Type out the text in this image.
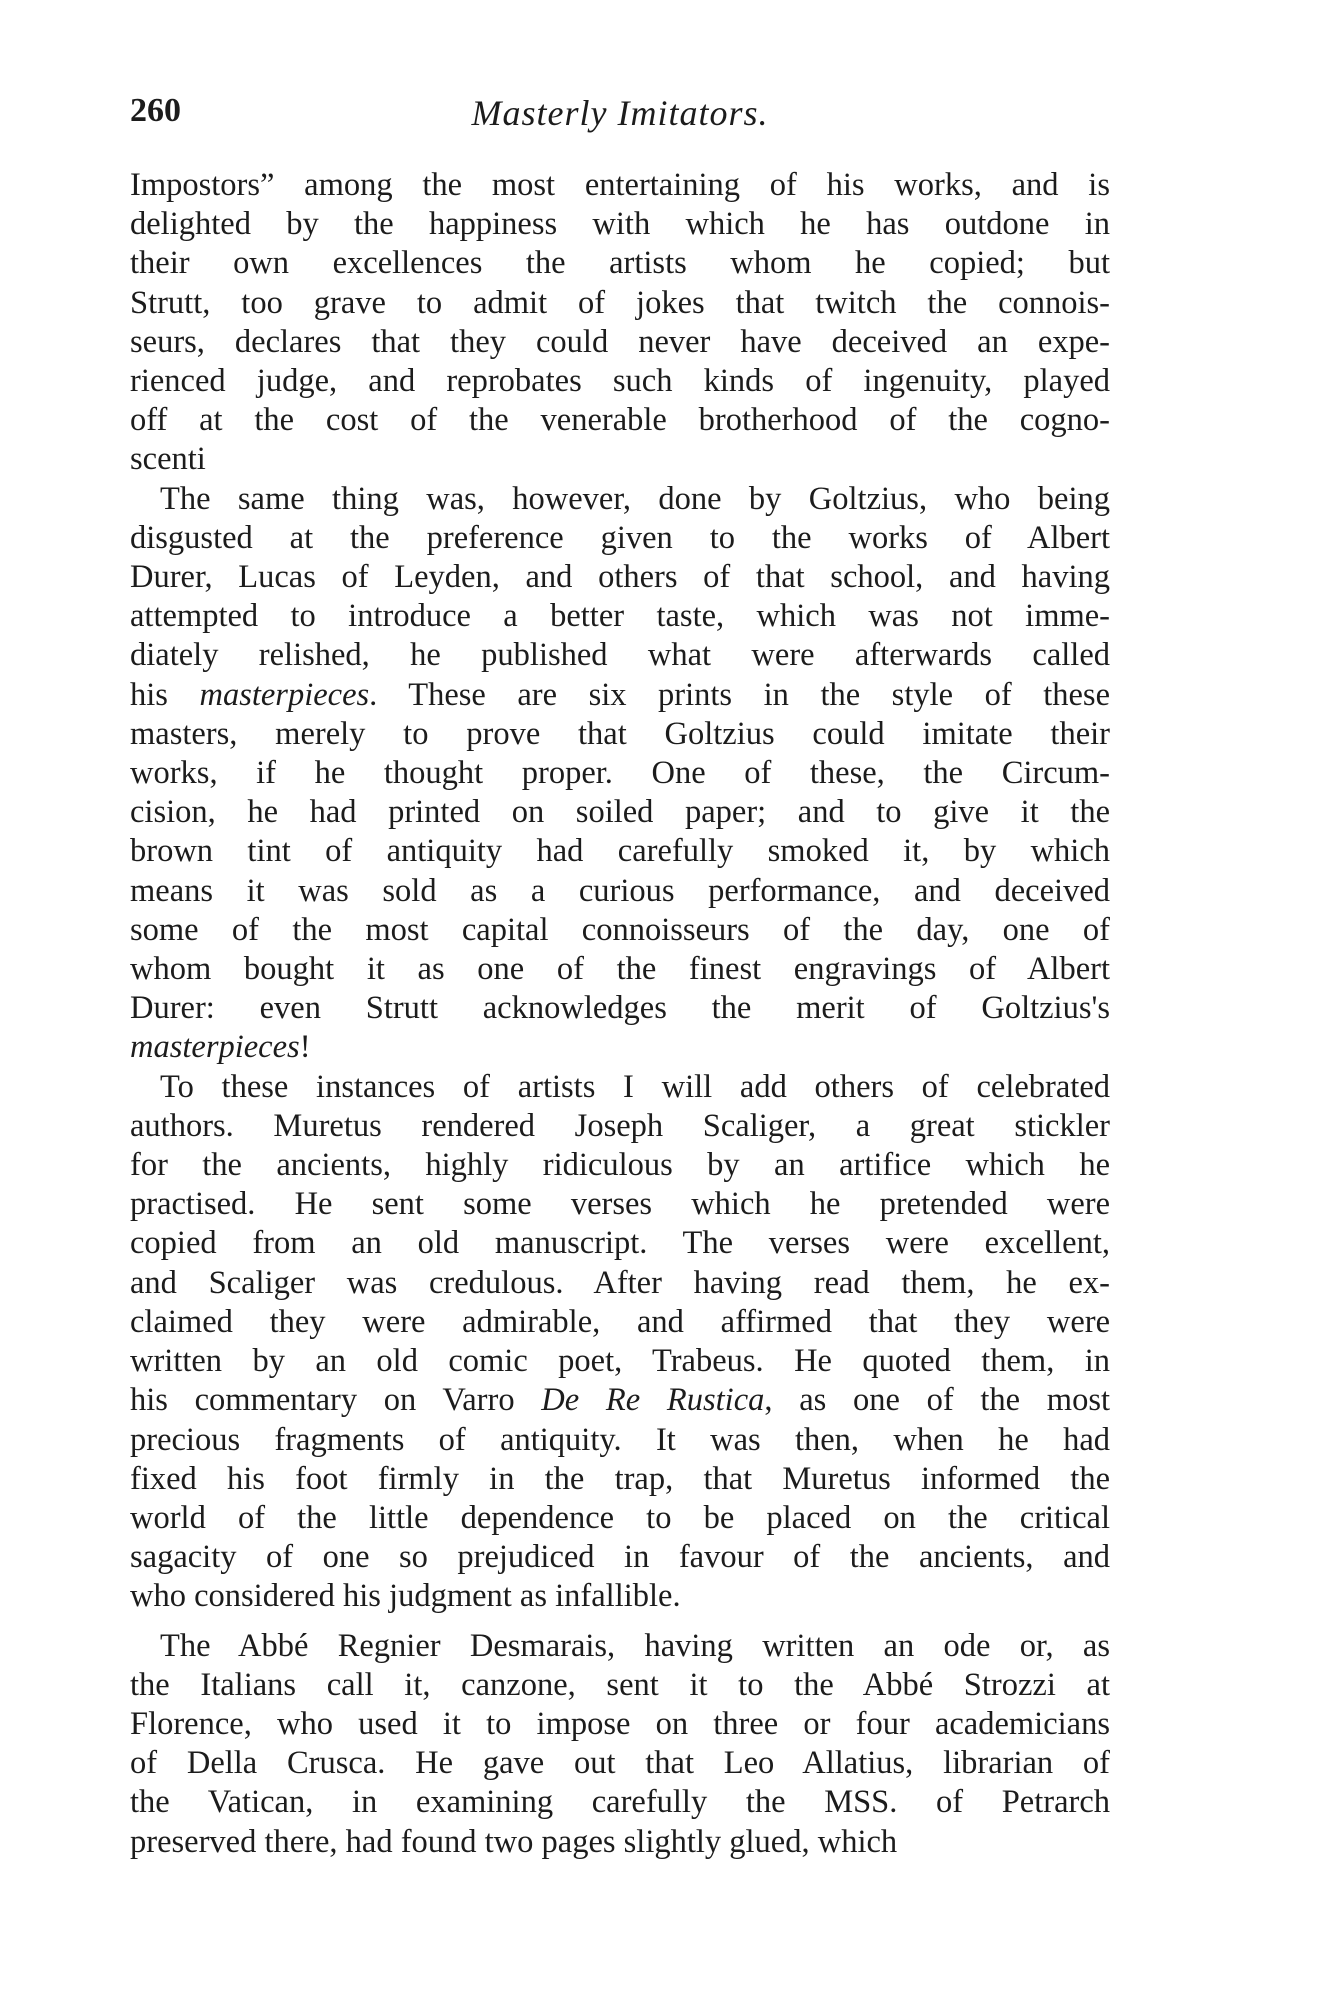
260	Masterly Imitators.

Impostors” among the most entertaining of his works, and is
delighted by the happiness with which he has outdone in
their own excellences the artists whom he copied; but
Strutt, too grave to admit of jokes that twitch the connois-
seurs, declares that they could never have deceived an expe-
rienced judge, and reprobates such kinds of ingenuity, played
off at the cost of the venerable brotherhood of the cogno-
scenti

The same thing was, however, done by Goltzius, who being
disgusted at the preference given to the works of Albert
Durer, Lucas of Leyden, and others of that school, and having
attempted to introduce a better taste, which was not imme-
diately relished, he published what were afterwards called
his masterpieces. These are six prints in the style of these
masters, merely to prove that Goltzius could imitate their
works, if he thought proper. One of these, the Circum-
cision, he had printed on soiled paper; and to give it the
brown tint of antiquity had carefully smoked it, by which
means it was sold as a curious performance, and deceived
some of the most capital connoisseurs of the day, one of
whom bought it as one of the finest engravings of Albert
Durer: even Strutt acknowledges the merit of Goltzius's
masterpieces!

To these instances of artists I will add others of celebrated
authors. Muretus rendered Joseph Scaliger, a great stickler
for the ancients, highly ridiculous by an artifice which he
practised. He sent some verses which he pretended were
copied from an old manuscript. The verses were excellent,
and Scaliger was credulous. After having read them, he ex-
claimed they were admirable, and affirmed that they were
written by an old comic poet, Trabeus. He quoted them, in
his commentary on Varro De Re Rustica, as one of the most
precious fragments of antiquity. It was then, when he had
fixed his foot firmly in the trap, that Muretus informed the
world of the little dependence to be placed on the critical
sagacity of one so prejudiced in favour of the ancients, and
who considered his judgment as infallible.

The Abbé Regnier Desmarais, having written an ode or, as
the Italians call it, canzone, sent it to the Abbé Strozzi at
Florence, who used it to impose on three or four academicians
of Della Crusca. He gave out that Leo Allatius, librarian of
the Vatican, in examining carefully the MSS. of Petrarch
preserved there, had found two pages slightly glued, which
